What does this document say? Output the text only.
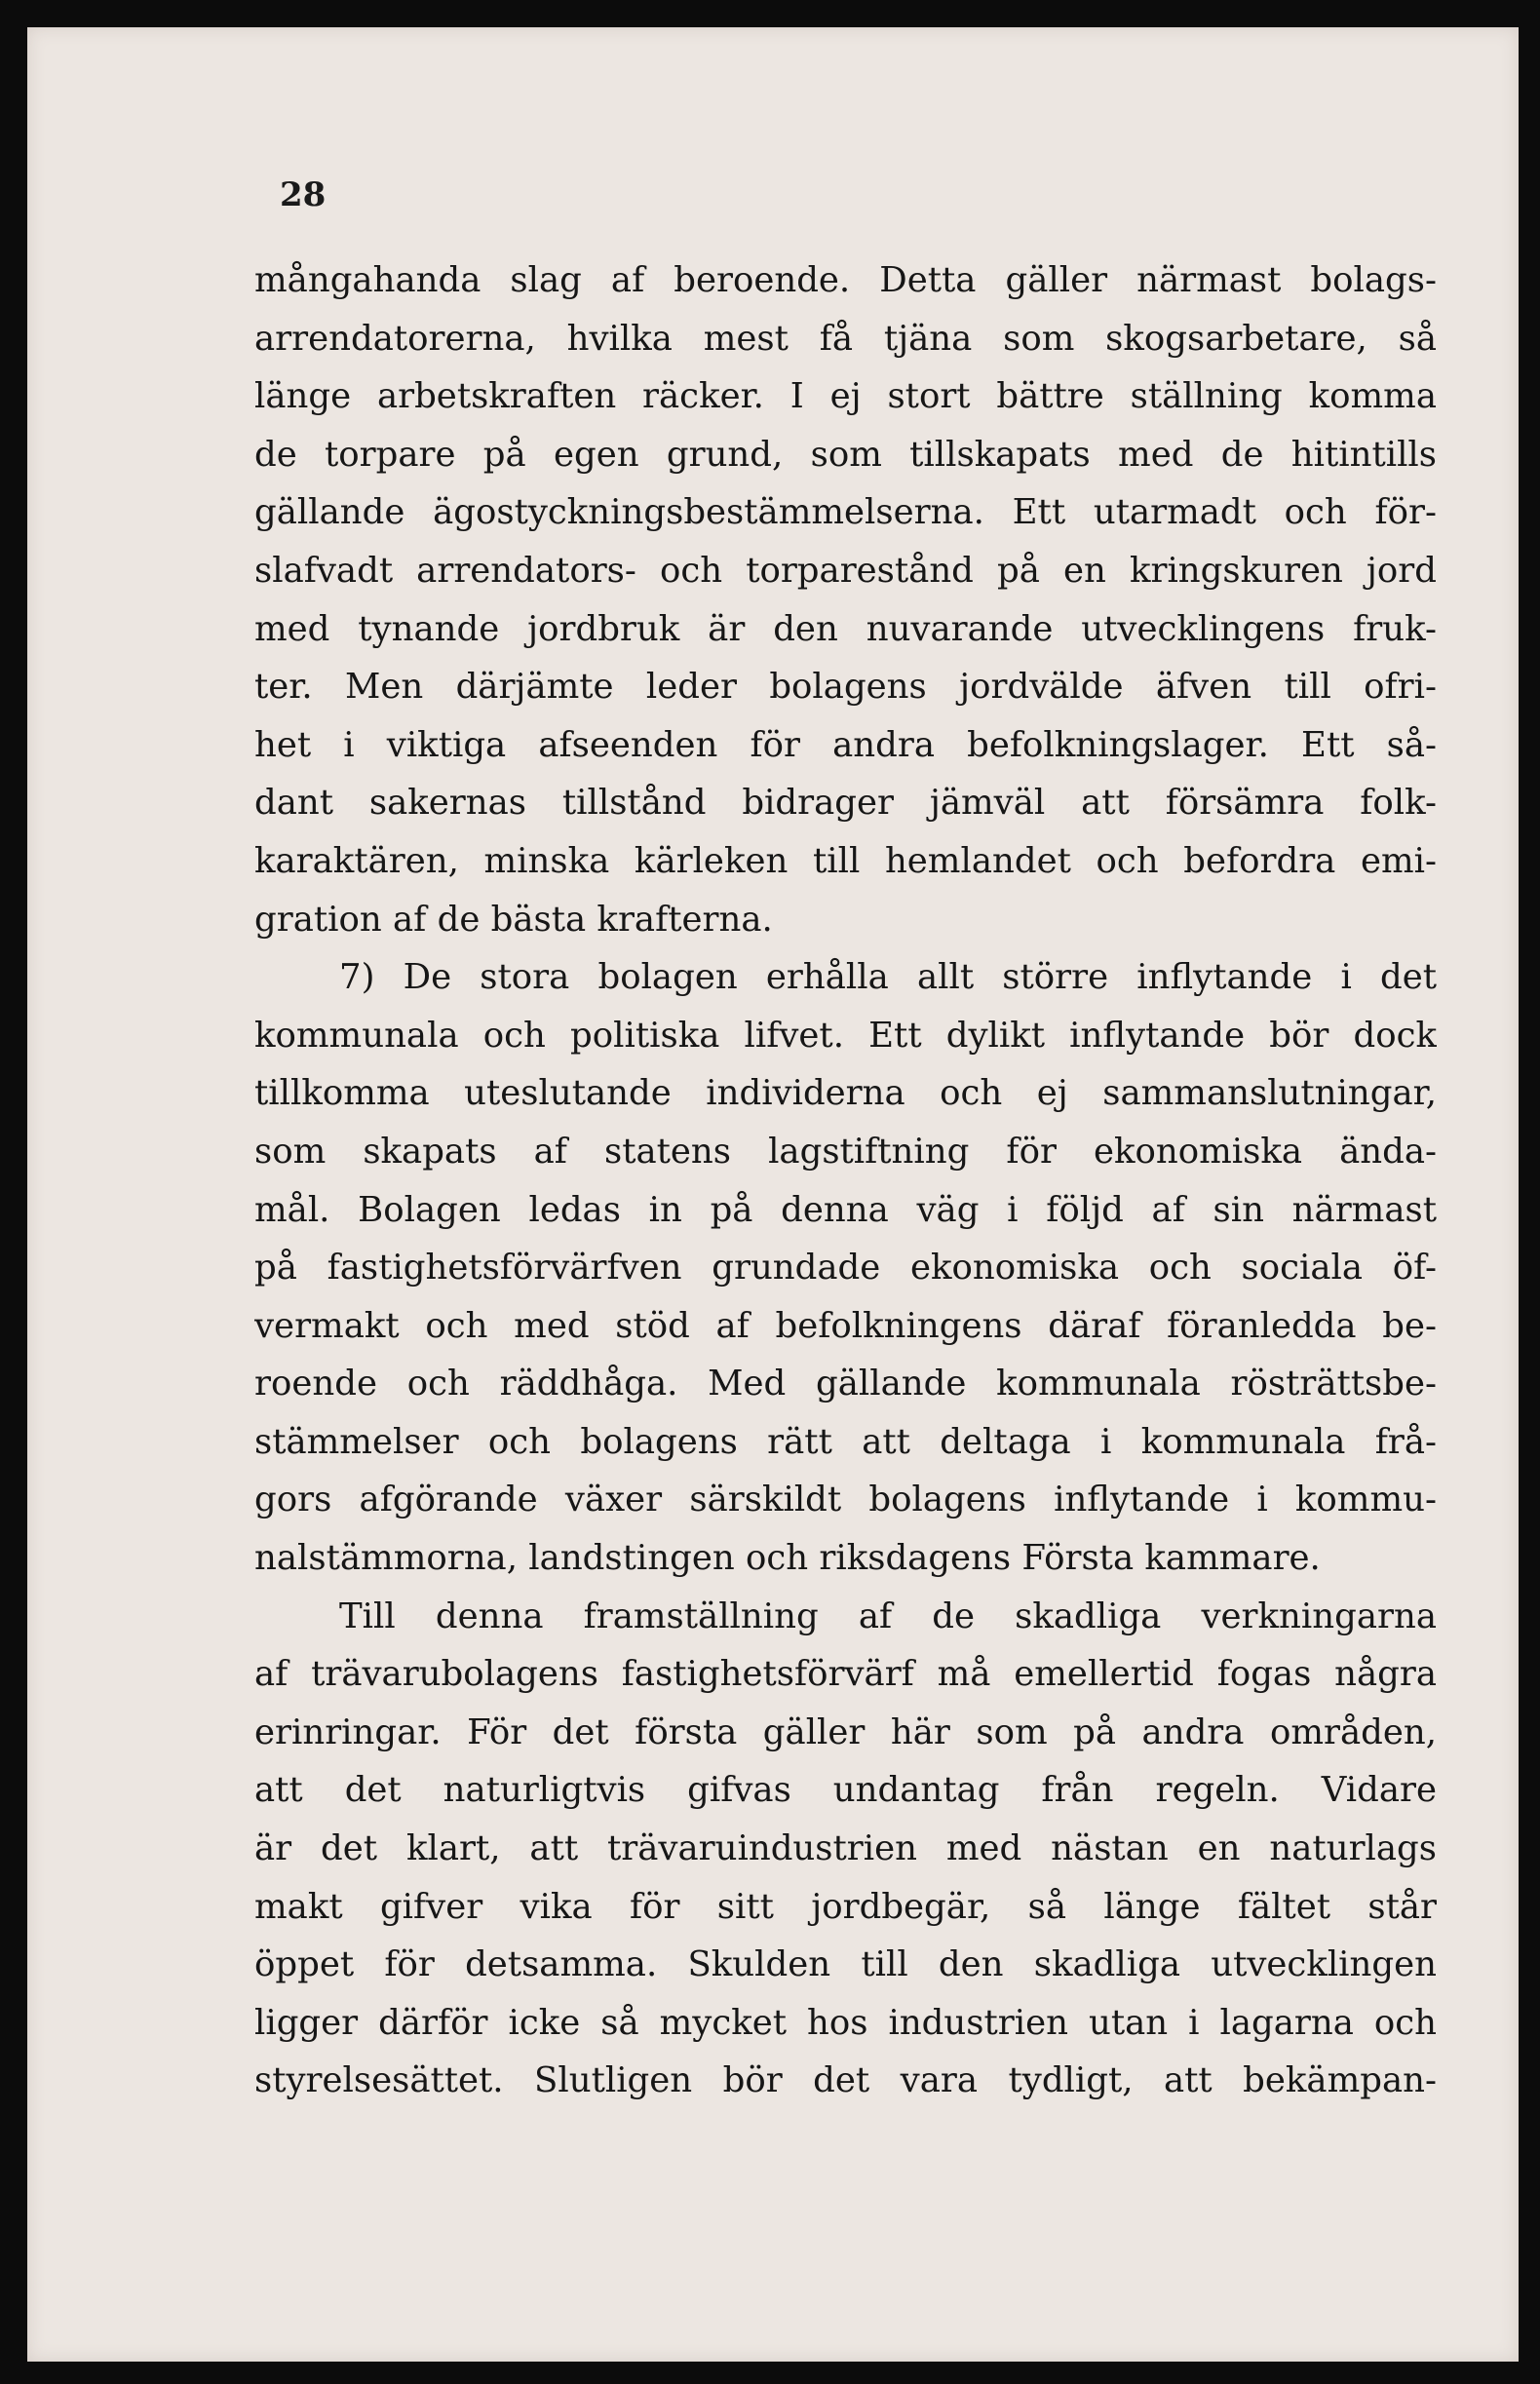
28
mångahanda slag af beroende. Detta gäller närmast bolags-
arrendatorerna, hvilka mest få tjäna som skogsarbetare, så
länge arbetskraften räcker. I ej stort bättre ställning komma
de torpare på egen grund, som tillskapats med de hitintills
gällande ägostyckningsbestämmelserna. Ett utarmadt och för-
slafvadt arrendators- och torparestånd på en kringskuren jord
med tynande jordbruk är den nuvarande utvecklingens fruk-
ter. Men därjämte leder bolagens jordvälde äfven till ofri-
het i viktiga afseenden för andra befolkningslager. Ett så-
dant sakernas tillstånd bidrager jämväl att försämra folk-
karaktären, minska kärleken till hemlandet och befordra emi-
gration af de bästa krafterna.
7) De stora bolagen erhålla allt större inflytande i det
kommunala och politiska lifvet. Ett dylikt inflytande bör dock
tillkomma uteslutande individerna och ej sammanslutningar,
som skapats af statens lagstiftning för ekonomiska ända-
mål. Bolagen ledas in på denna väg i följd af sin närmast
på fastighetsförvärfven grundade ekonomiska och sociala öf-
vermakt och med stöd af befolkningens däraf föranledda be-
roende och räddhåga. Med gällande kommunala rösträttsbe-
stämmelser och bolagens rätt att deltaga i kommunala frå-
gors afgörande växer särskildt bolagens inflytande i kommu-
nalstämmorna, landstingen och riksdagens Första kammare.
Till denna framställning af de skadliga verkningarna
af trävarubolagens fastighetsförvärf må emellertid fogas några
erinringar. För det första gäller här som på andra områden,
att det naturligtvis gifvas undantag från regeln. Vidare
är det klart, att trävaruindustrien med nästan en naturlags
makt gifver vika för sitt jordbegär, så länge fältet står
öppet för detsamma. Skulden till den skadliga utvecklingen
ligger därför icke så mycket hos industrien utan i lagarna och
styrelsesättet. Slutligen bör det vara tydligt, att bekämpan-
